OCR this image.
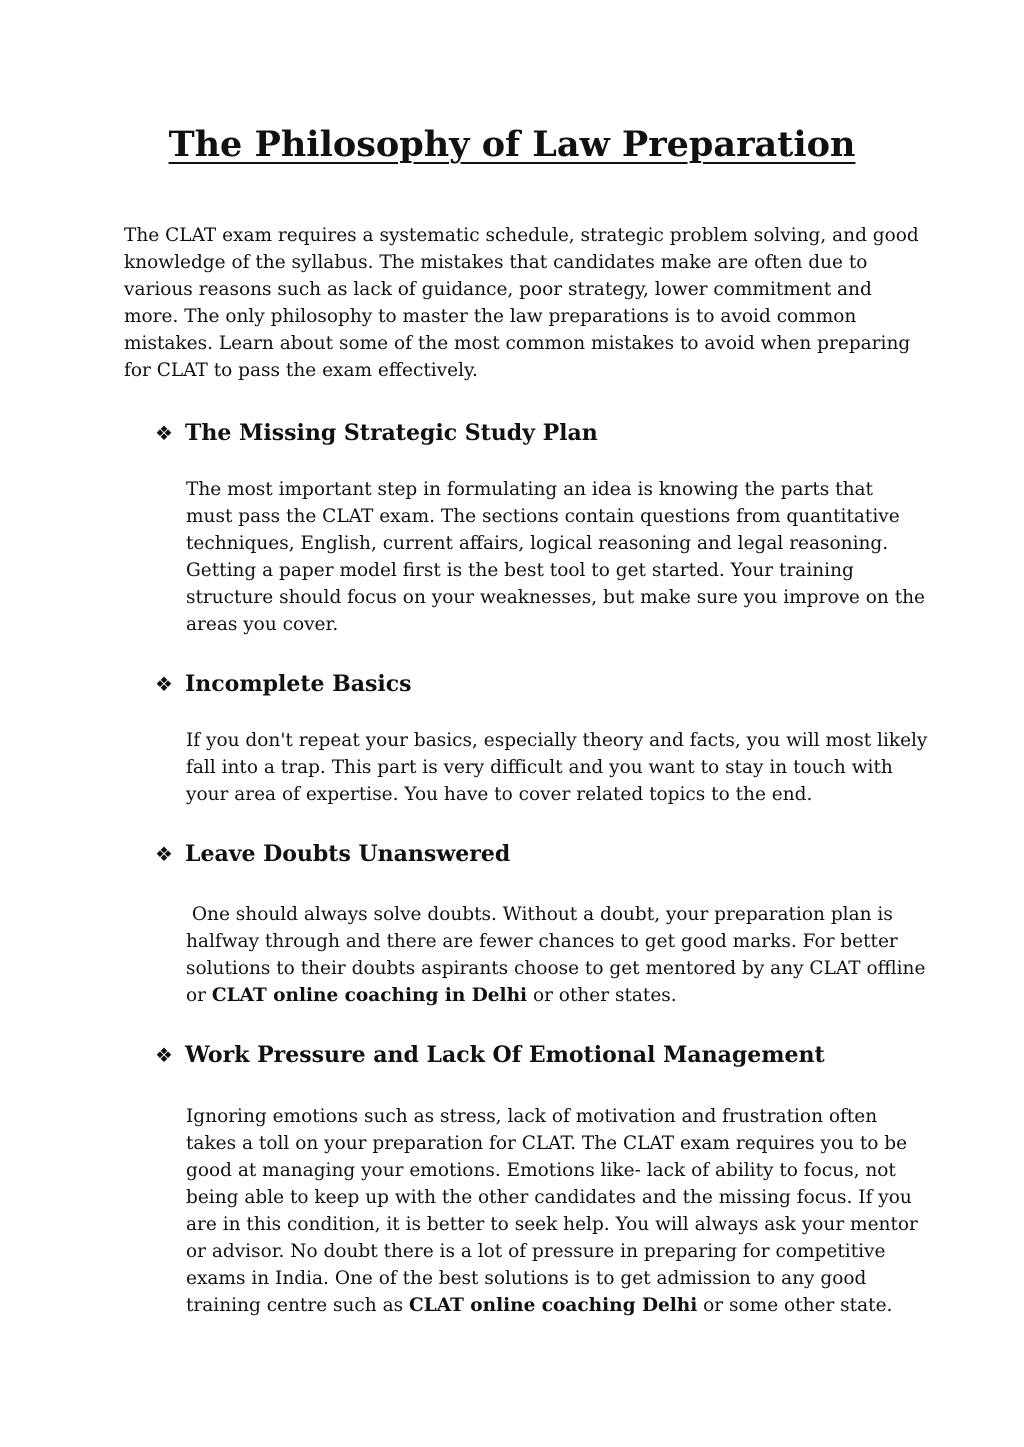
The Philosophy of Law Preparation
The CLAT exam requires a systematic schedule, strategic problem solving, and good
knowledge of the syllabus. The mistakes that candidates make are often due to
various reasons such as lack of guidance, poor strategy, lower commitment and
more. The only philosophy to master the law preparations is to avoid common
mistakes. Learn about some of the most common mistakes to avoid when preparing
for CLAT to pass the exam effectively.
❖ The Missing Strategic Study Plan
The most important step in formulating an idea is knowing the parts that
must pass the CLAT exam. The sections contain questions from quantitative
techniques, English, current affairs, logical reasoning and legal reasoning.
Getting a paper model first is the best tool to get started. Your training
structure should focus on your weaknesses, but make sure you improve on the
areas you cover.
❖ Incomplete Basics
If you don't repeat your basics, especially theory and facts, you will most likely
fall into a trap. This part is very difficult and you want to stay in touch with
your area of expertise. You have to cover related topics to the end.
❖ Leave Doubts Unanswered
One should always solve doubts. Without a doubt, your preparation plan is
halfway through and there are fewer chances to get good marks. For better
solutions to their doubts aspirants choose to get mentored by any CLAT offline
or CLAT online coaching in Delhi or other states.
❖ Work Pressure and Lack Of Emotional Management
Ignoring emotions such as stress, lack of motivation and frustration often
takes a toll on your preparation for CLAT. The CLAT exam requires you to be
good at managing your emotions. Emotions like- lack of ability to focus, not
being able to keep up with the other candidates and the missing focus. If you
are in this condition, it is better to seek help. You will always ask your mentor
or advisor. No doubt there is a lot of pressure in preparing for competitive
exams in India. One of the best solutions is to get admission to any good
training centre such as CLAT online coaching Delhi or some other state.
